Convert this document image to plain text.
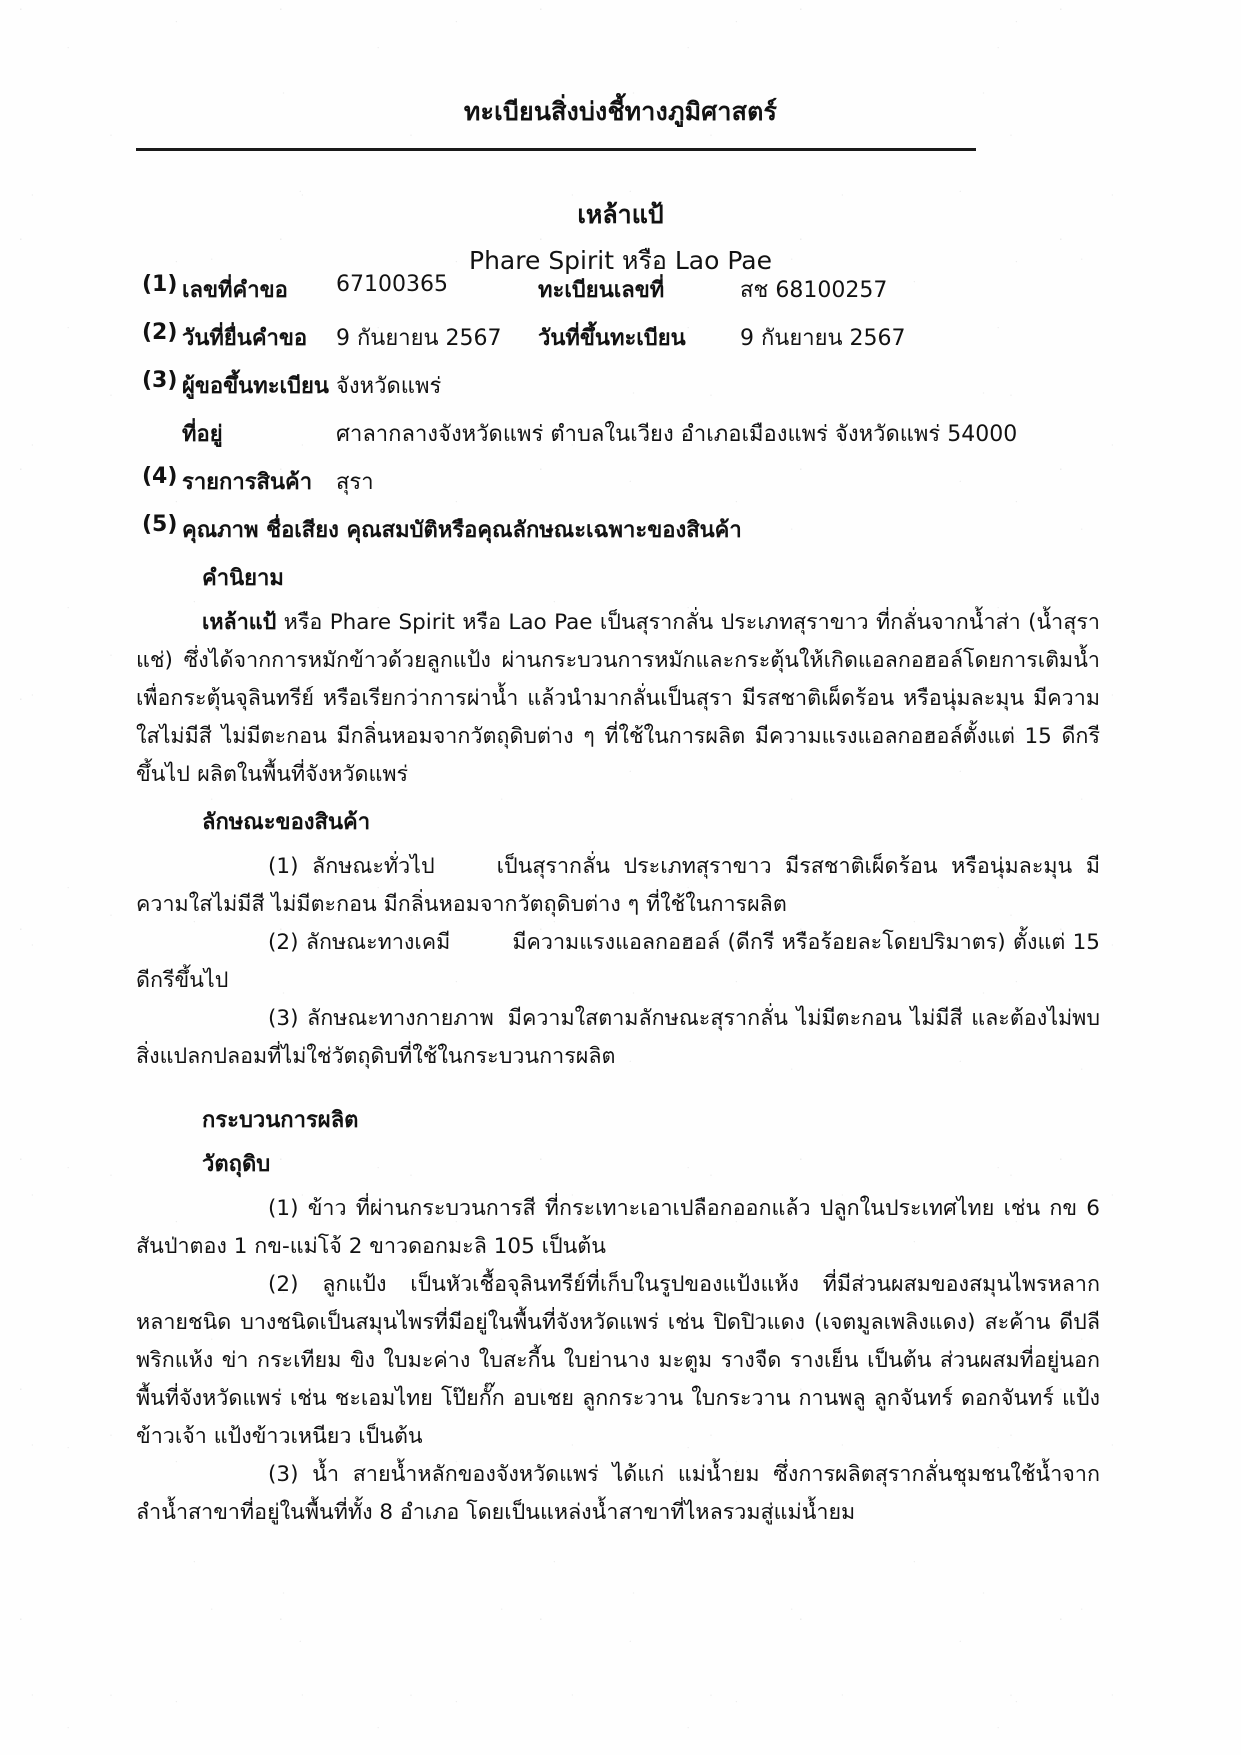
ทะเบียนสิ่งบ่งชี้ทางภูมิศาสตร์
เหล้าแป้
Phare Spirit หรือ Lao Pae
(1) เลขที่คำขอ 67100365	ทะเบียนเลขที่	สช 68100257
(2) วันที่ยื่นคำขอ 9 กันยายน 2567 วันที่ขึ้นทะเบียน 9 กันยายน 2567
(3) ผู้ขอขึ้นทะเบียน จังหวัดแพร่
ที่อยู่	ศาลากลางจังหวัดแพร่ ตำบลในเวียง อำเภอเมืองแพร่ จังหวัดแพร่ 54000
(4) รายการสินค้า สุรา
(5) คุณภาพ ชื่อเสียง คุณสมบัติหรือคุณลักษณะเฉพาะของสินค้า
คำนิยาม

เหล้าแป้ หรือ Phare Spirit หรือ Lao Pae เป็นสุรากลั่น ประเภทสุราขาว ที่กลั่นจากน้ำส่า (น้ำสุราแช่) ซึ่งได้จากการหมักข้าวด้วยลูกแป้ง ผ่านกระบวนการหมักและกระตุ้นให้เกิดแอลกอฮอล์โดยการเติมน้ำเพื่อกระตุ้นจุลินทรีย์ หรือเรียกว่าการผ่าน้ำ แล้วนำมากลั่นเป็นสุรา มีรสชาติเผ็ดร้อน หรือนุ่มละมุน มีความใสไม่มีสี ไม่มีตะกอน มีกลิ่นหอมจากวัตถุดิบต่าง ๆ ที่ใช้ในการผลิต มีความแรงแอลกอฮอล์ตั้งแต่ 15 ดีกรีขึ้นไป ผลิตในพื้นที่จังหวัดแพร่

ลักษณะของสินค้า

(1) ลักษณะทั่วไป	เป็นสุรากลั่น ประเภทสุราขาว มีรสชาติเผ็ดร้อน หรือนุ่มละมุน มีความใสไม่มีสี ไม่มีตะกอน มีกลิ่นหอมจากวัตถุดิบต่าง ๆ ที่ใช้ในการผลิต

(2) ลักษณะทางเคมี	มีความแรงแอลกอฮอล์ (ดีกรี หรือร้อยละโดยปริมาตร) ตั้งแต่ 15 ดีกรีขึ้นไป

(3) ลักษณะทางกายภาพ มีความใสตามลักษณะสุรากลั่น ไม่มีตะกอน ไม่มีสี และต้องไม่พบสิ่งแปลกปลอมที่ไม่ใช่วัตถุดิบที่ใช้ในกระบวนการผลิต

กระบวนการผลิต
วัตถุดิบ

(1) ข้าว ที่ผ่านกระบวนการสี ที่กระเทาะเอาเปลือกออกแล้ว ปลูกในประเทศไทย เช่น กข 6 สันป่าตอง 1 กข-แม่โจ้ 2 ขาวดอกมะลิ 105 เป็นต้น

(2) ลูกแป้ง เป็นหัวเชื้อจุลินทรีย์ที่เก็บในรูปของแป้งแห้ง ที่มีส่วนผสมของสมุนไพรหลากหลายชนิด บางชนิดเป็นสมุนไพรที่มีอยู่ในพื้นที่จังหวัดแพร่ เช่น ปิดปิวแดง (เจตมูลเพลิงแดง) สะค้าน ดีปลี พริกแห้ง ข่า กระเทียม ขิง ใบมะค่าง ใบสะกี้น ใบย่านาง มะตูม รางจืด รางเย็น เป็นต้น ส่วนผสมที่อยู่นอกพื้นที่จังหวัดแพร่ เช่น ชะเอมไทย โป๊ยกั๊ก อบเชย ลูกกระวาน ใบกระวาน กานพลู ลูกจันทร์ ดอกจันทร์ แป้งข้าวเจ้า แป้งข้าวเหนียว เป็นต้น

(3) น้ำ สายน้ำหลักของจังหวัดแพร่ ได้แก่ แม่น้ำยม ซึ่งการผลิตสุรากลั่นชุมชนใช้น้ำจากลำน้ำสาขาที่อยู่ในพื้นที่ทั้ง 8 อำเภอ โดยเป็นแหล่งน้ำสาขาที่ไหลรวมสู่แม่น้ำยม
